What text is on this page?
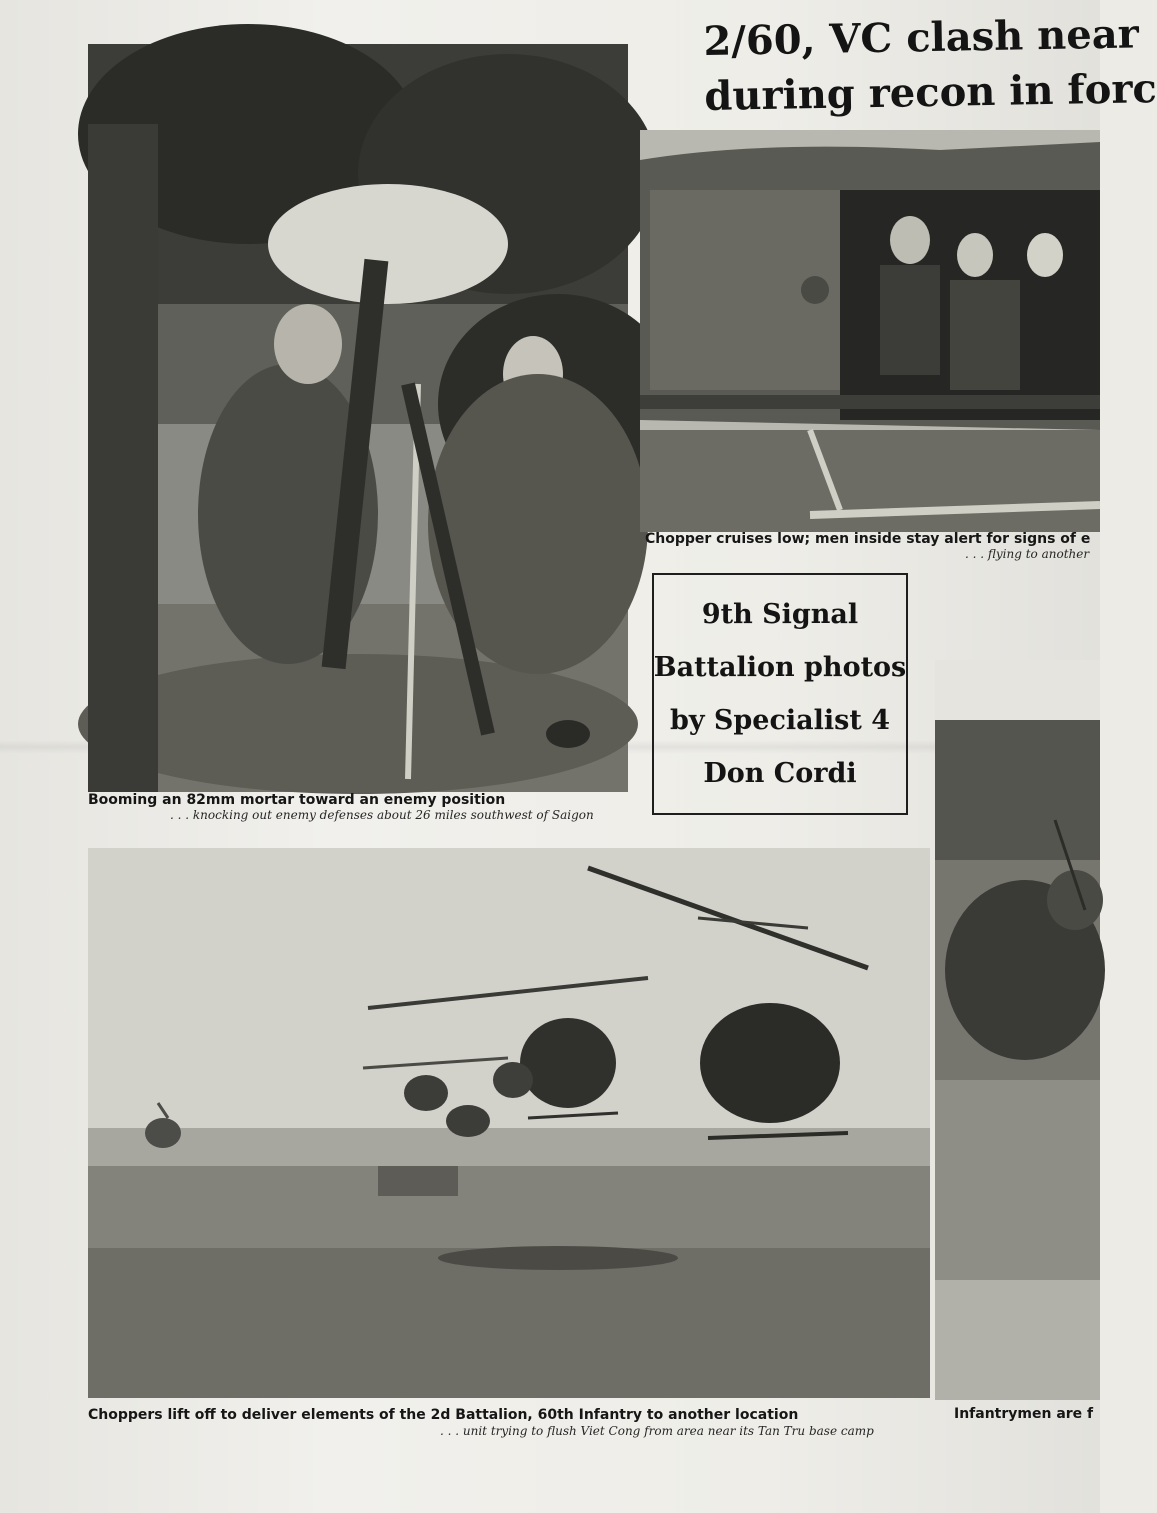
2/60, VC clash near
during recon in forc
Booming an 82mm mortar toward an enemy position
. . . knocking out enemy defenses about 26 miles southwest of Saigon
Chopper cruises low; men inside stay alert for signs of e
. . . flying to another
9th Signal
Battalion photos
by Specialist 4
Don Cordi
Choppers lift off to deliver elements of the 2d Battalion, 60th Infantry to another location
. . . unit trying to flush Viet Cong from area near its Tan Tru base camp
Infantrymen are f
